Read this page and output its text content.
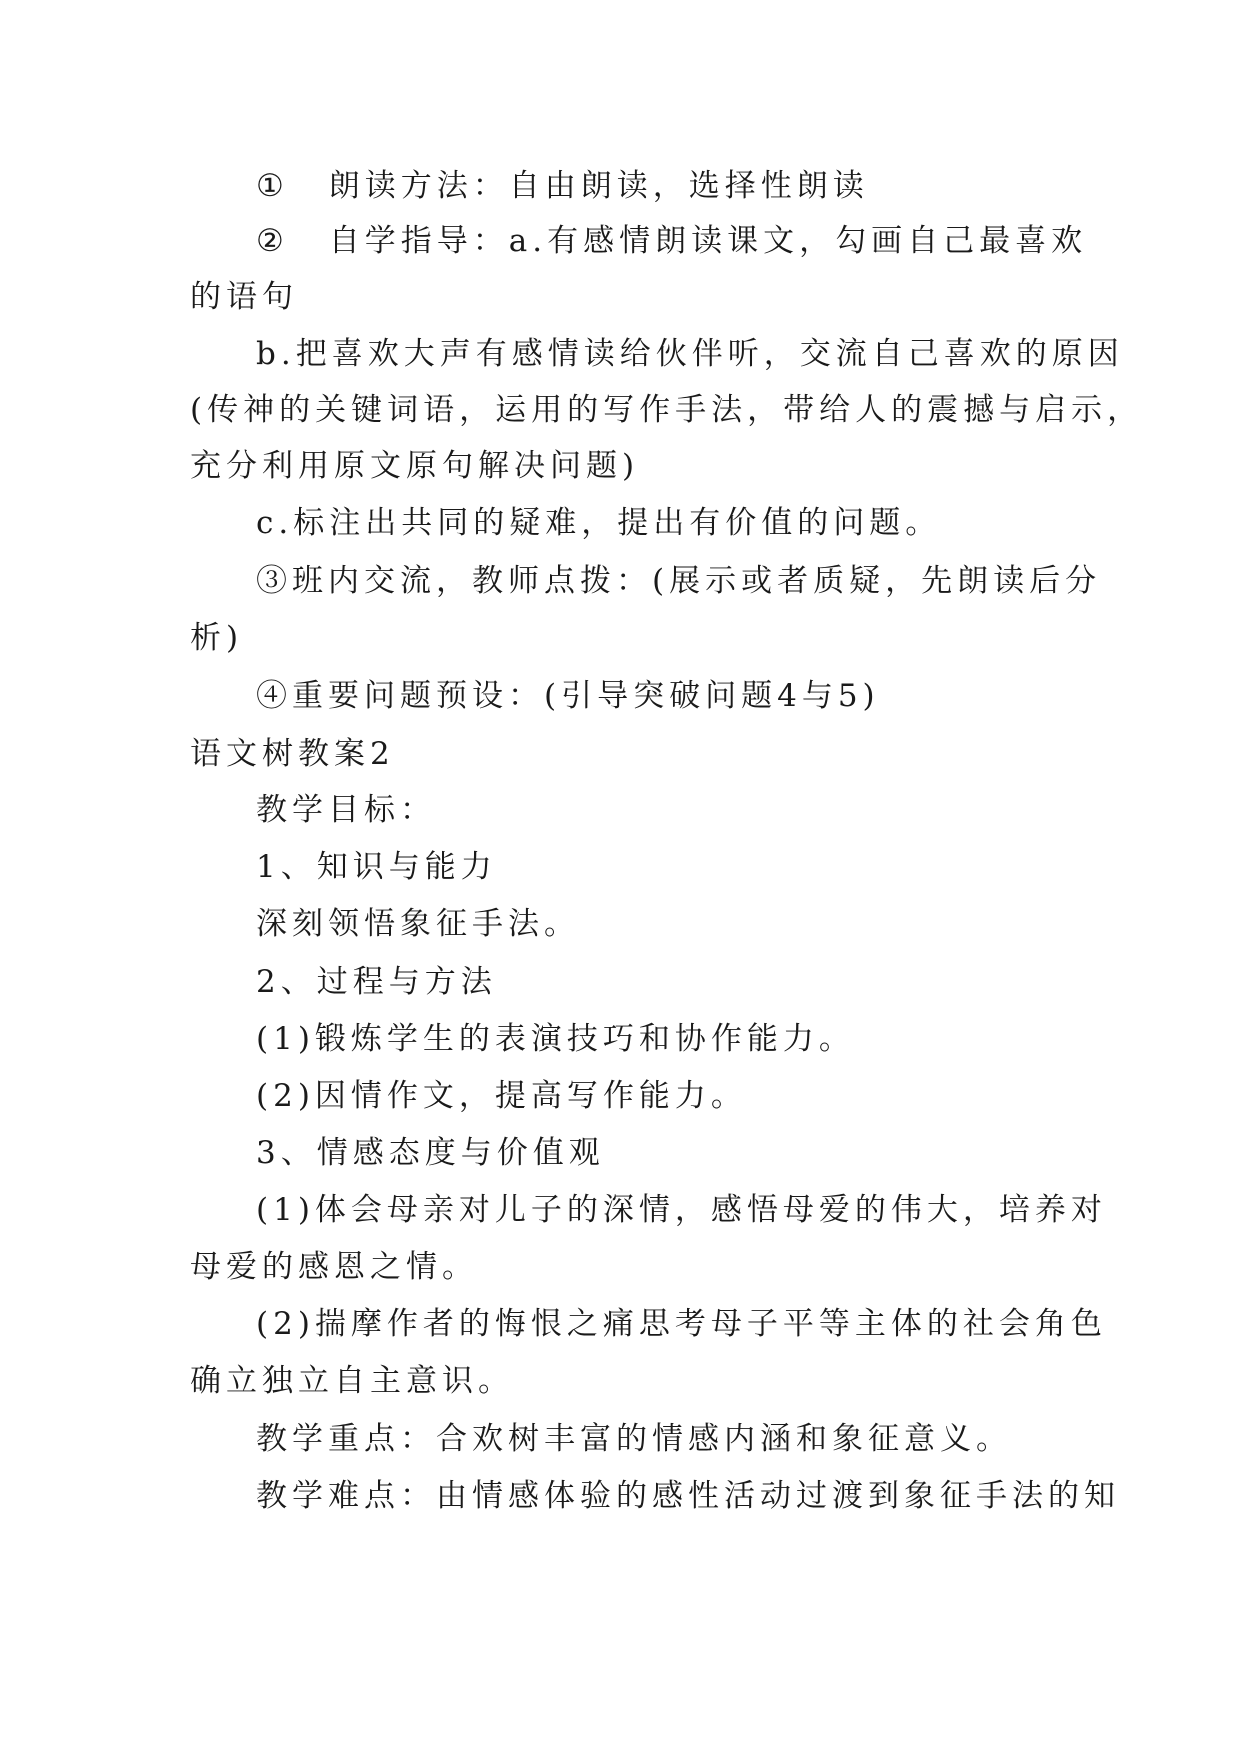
① 朗读方法：自由朗读，选择性朗读
② 自学指导：a.有感情朗读课文，勾画自己最喜欢
的语句
b.把喜欢大声有感情读给伙伴听，交流自己喜欢的原因
(传神的关键词语，运用的写作手法，带给人的震撼与启示，
充分利用原文原句解决问题)
c.标注出共同的疑难，提出有价值的问题。
③班内交流，教师点拨：(展示或者质疑，先朗读后分
析)
④重要问题预设：(引导突破问题4与5)
语文树教案2
教学目标：
1、知识与能力
深刻领悟象征手法。
2、过程与方法
(1)锻炼学生的表演技巧和协作能力。
(2)因情作文，提高写作能力。
3、情感态度与价值观
(1)体会母亲对儿子的深情，感悟母爱的伟大，培养对
母爱的感恩之情。
(2)揣摩作者的悔恨之痛思考母子平等主体的社会角色
确立独立自主意识。
教学重点：合欢树丰富的情感内涵和象征意义。
教学难点：由情感体验的感性活动过渡到象征手法的知
